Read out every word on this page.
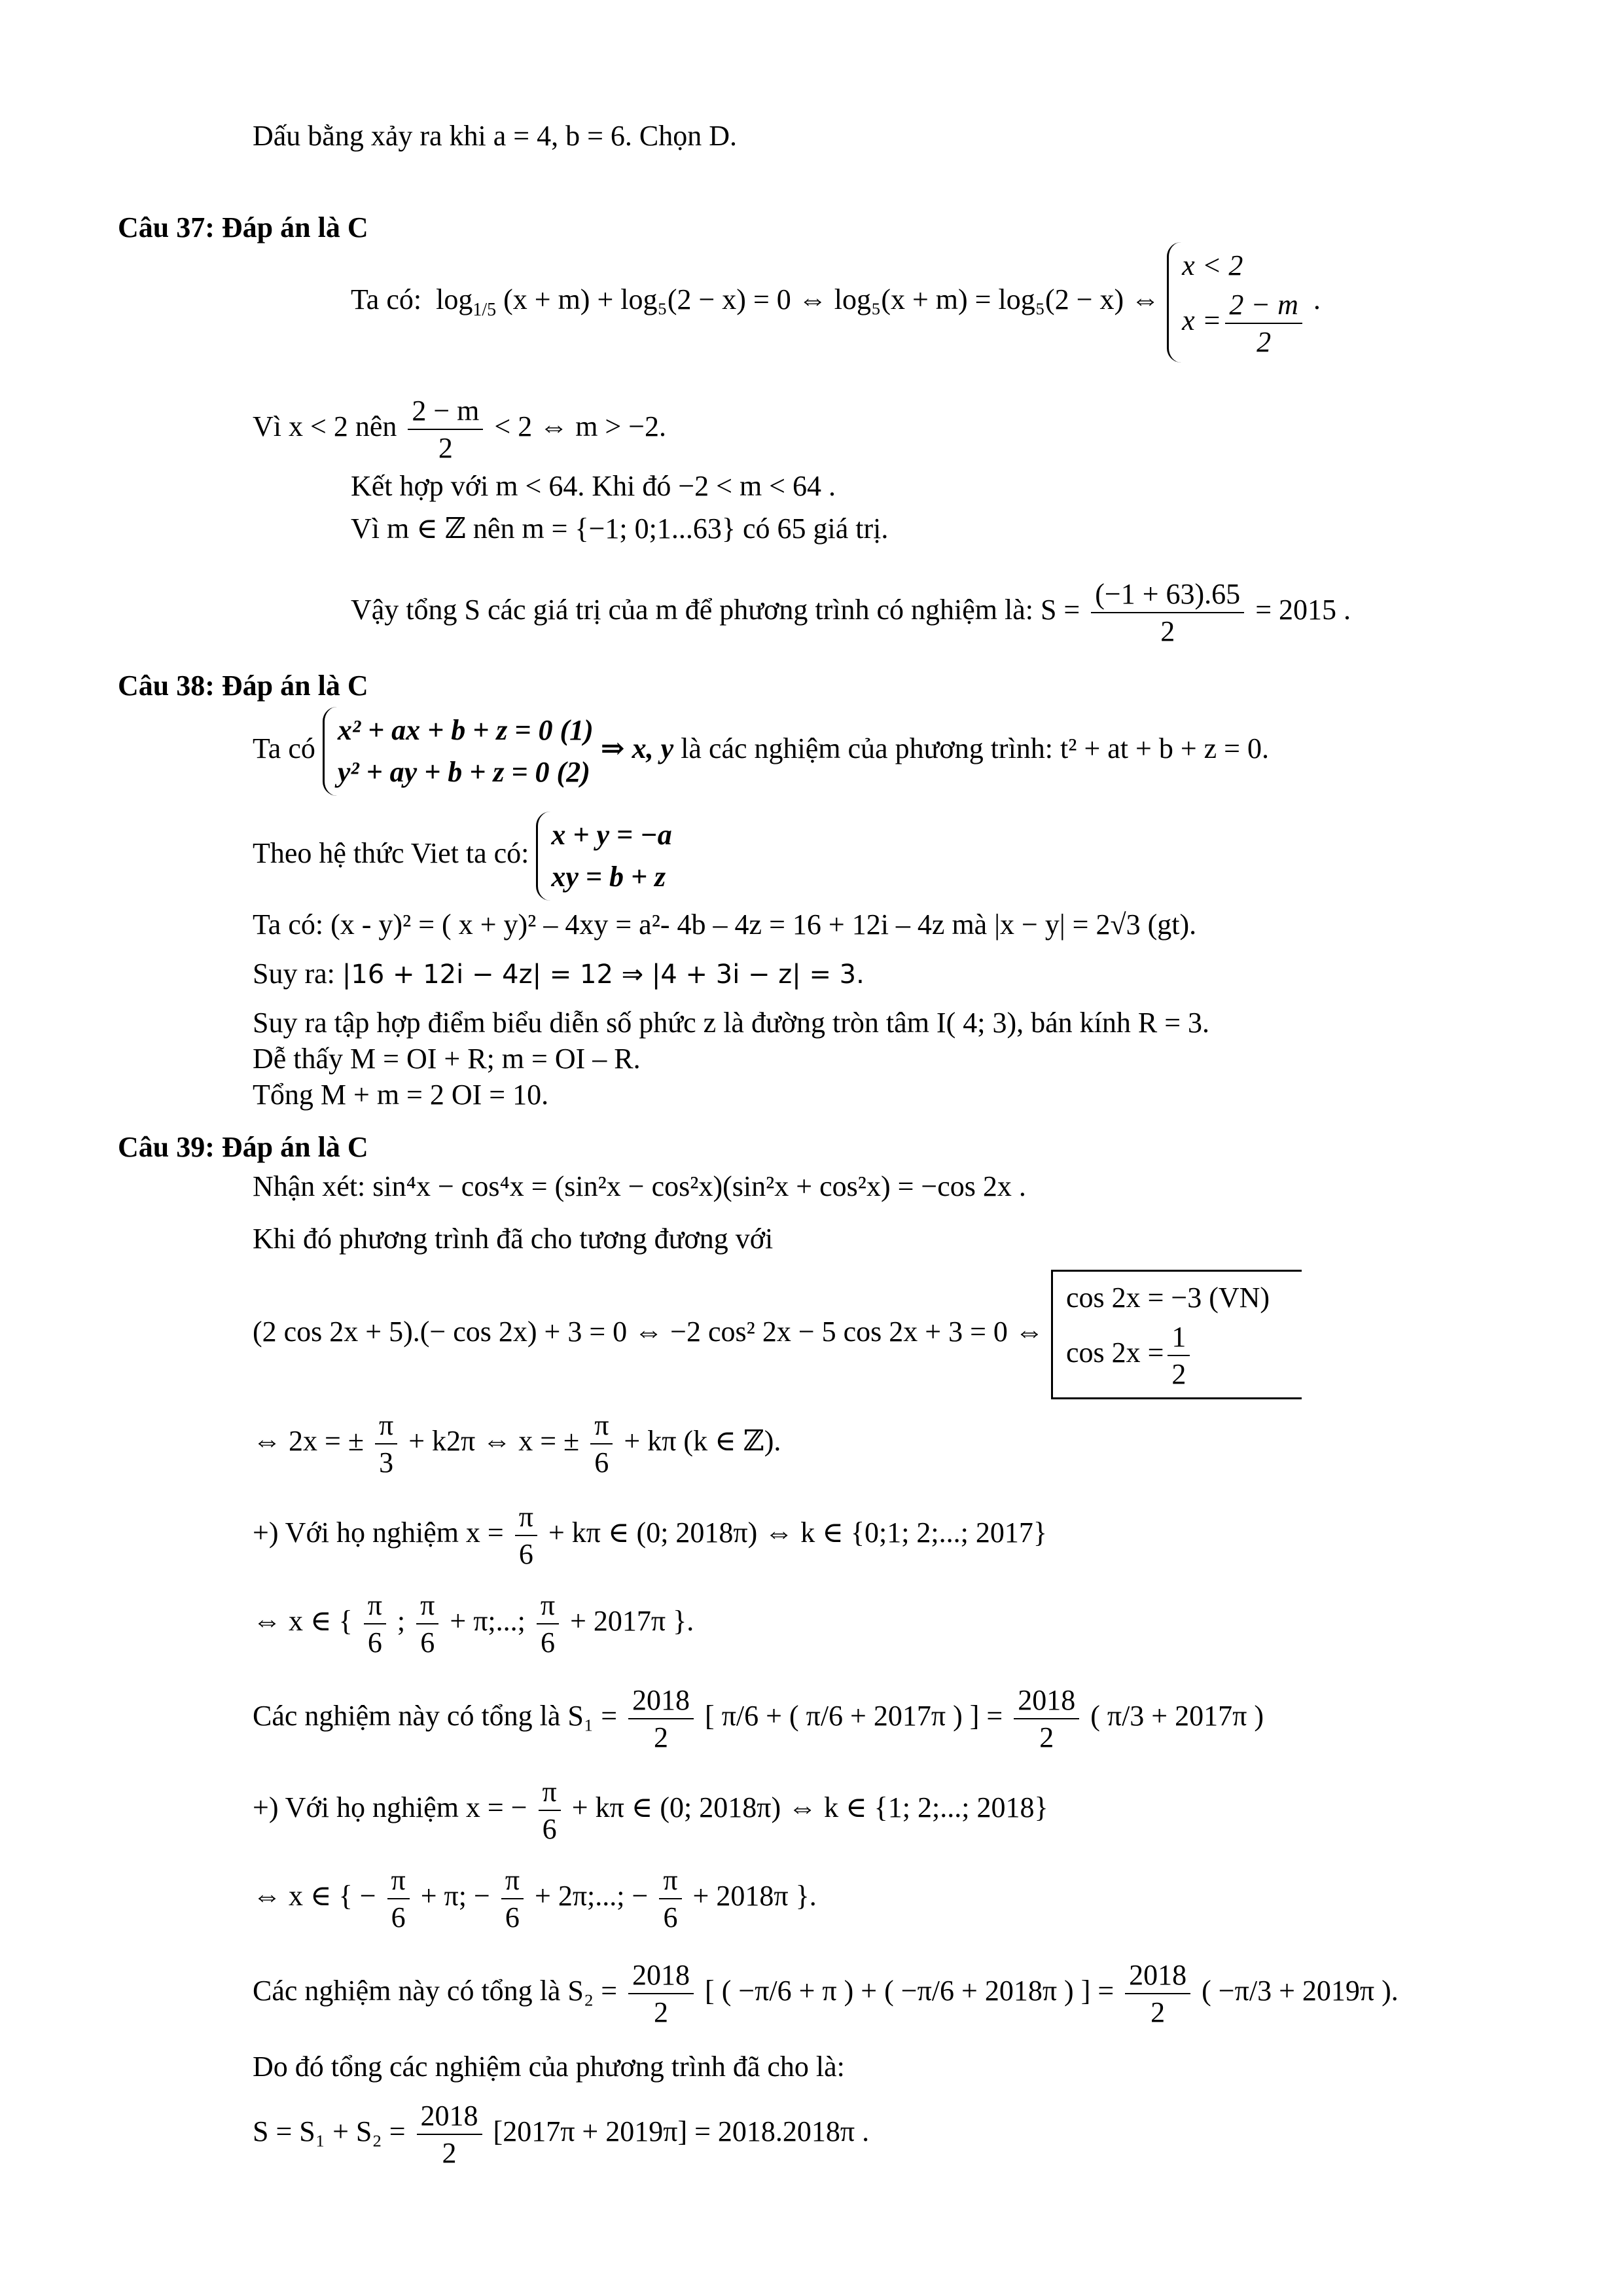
Dấu bằng xảy ra khi a = 4, b = 6. Chọn D.
Câu 37: Đáp án là C
Ta có: $\log_{1/5} (x + m) + \log_5(2 - x) = 0$ ⇔ log₅(x + m) = log₅(2 − x) ⇔
x < 2
$x = \frac{2 - m}{2}$ .
Vì x < 2 nên $\frac{2 - m}{2} < 2$ ⇔ m > −2.
Kết hợp với m < 64. Khi đó −2 < m < 64 .
Vì m ∈ ℤ nên m = {−1; 0;1...63} có 65 giá trị.
Vậy tổng S các giá trị của m để phương trình có nghiệm là: $S = \frac{(-1 + 63).65}{2} = 2015$ .
Câu 38: Đáp án là C
Ta có
x² + ax + b + z = 0 (1)
y² + ay + b + z = 0 (2)
⇒ x, y là các nghiệm của phương trình: t² + at + b + z = 0.
Theo hệ thức Viet ta có:
x + y = −a
xy = b + z
Ta có: (x - y)² = ( x + y)² – 4xy = a²- 4b – 4z = 16 + 12i – 4z mà |x − y| = 2√3 (gt).
Suy ra: |16 + 12i − 4z| = 12 ⇒ |4 + 3i − z| = 3.
Suy ra tập hợp điểm biểu diễn số phức z là đường tròn tâm I( 4; 3), bán kính R = 3.
Dễ thấy M = OI + R; m = OI – R.
Tổng M + m = 2 OI = 10.
Câu 39: Đáp án là C
Nhận xét: sin⁴x − cos⁴x = (sin²x − cos²x)(sin²x + cos²x) = −cos 2x .
Khi đó phương trình đã cho tương đương với
(2 cos 2x + 5).(− cos 2x) + 3 = 0 ⇔ −2 cos² 2x − 5 cos 2x + 3 = 0 ⇔
cos 2x = −3 (VN)
$\cos 2x = \frac{1}{2}$
⇔ 2x = ± $\frac{\pi}{3} + k2\pi$ ⇔ x = ± $\frac{\pi}{6} + k\pi$ (k ∈ ℤ).
+) Với họ nghiệm $x = \frac{\pi}{6} + k\pi$ ∈ (0; 2018π) ⇔ k ∈ {0;1; 2;...; 2017}
⇔ x ∈ { $\frac{\pi}{6}$ ; $\frac{\pi}{6} + \pi$;...; $\frac{\pi}{6} + 2017\pi$ }.
Các nghiệm này có tổng là $S_1 = \frac{2018}{2}$ [ π/6 + ( π/6 + 2017π ) ] = $\frac{2018}{2}$ ( π/3 + 2017π )
+) Với họ nghiệm x = − $\frac{\pi}{6} + k\pi$ ∈ (0; 2018π) ⇔ k ∈ {1; 2;...; 2018}
⇔ x ∈ { − $\frac{\pi}{6} + \pi$; − $\frac{\pi}{6} + 2\pi$;...; − $\frac{\pi}{6} + 2018\pi$ }.
Các nghiệm này có tổng là $S_2 = \frac{2018}{2}$ [ ( −π/6 + π ) + ( −π/6 + 2018π ) ] = $\frac{2018}{2}$ ( −π/3 + 2019π ).
Do đó tổng các nghiệm của phương trình đã cho là:
$S = S_1 + S_2 = \frac{2018}{2} [2017\pi + 2019\pi] = 2018.2018\pi$ .
